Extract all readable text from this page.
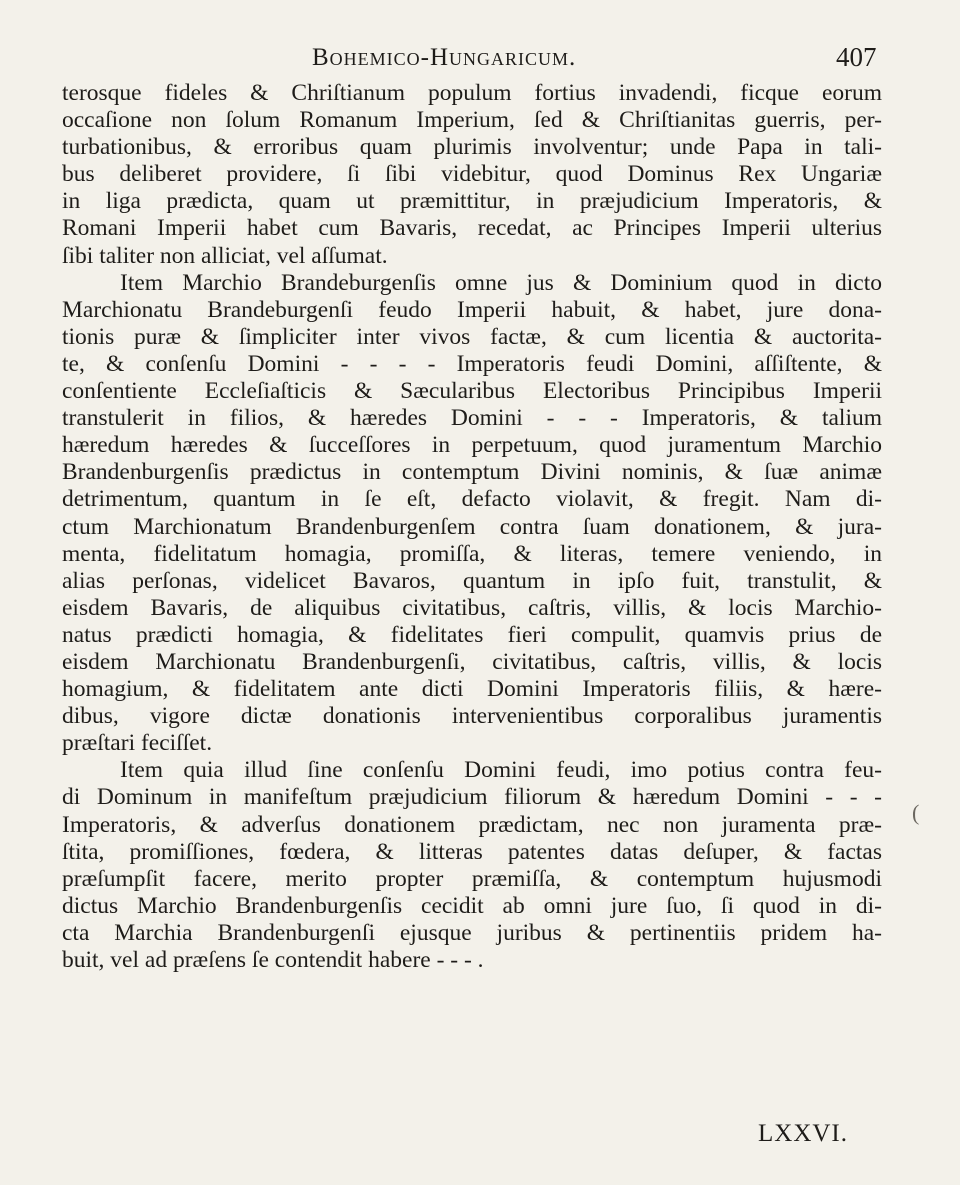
Bohemico-Hungaricum.	407
terosque fideles & Chriſtianum populum fortius invadendi, ficque eorum
occaſione non ſolum Romanum Imperium, ſed & Chriſtianitas guerris, per-
turbationibus, & erroribus quam plurimis involventur; unde Papa in tali-
bus deliberet providere, ſi ſibi videbitur, quod Dominus Rex Ungariæ
in liga prædicta, quam ut præmittitur, in præjudicium Imperatoris, &
Romani Imperii habet cum Bavaris, recedat, ac Principes Imperii ulterius
ſibi taliter non alliciat, vel aſſumat.
Item Marchio Brandeburgenſis omne jus & Dominium quod in dicto
Marchionatu Brandeburgenſi feudo Imperii habuit, & habet, jure dona-
tionis puræ & ſimpliciter inter vivos factæ, & cum licentia & auctorita-
te, & conſenſu Domini - - - - Imperatoris feudi Domini, aſſiſtente, &
conſentiente Eccleſiaſticis & Sæcularibus Electoribus Principibus Imperii
transtulerit in filios, & hæredes Domini - - - Imperatoris, & talium
hæredum hæredes & ſucceſſores in perpetuum, quod juramentum Marchio
Brandenburgenſis prædictus in contemptum Divini nominis, & ſuæ animæ
detrimentum, quantum in ſe eſt, defacto violavit, & fregit. Nam di-
ctum Marchionatum Brandenburgenſem contra ſuam donationem, & jura-
menta, fidelitatum homagia, promiſſa, & literas, temere veniendo, in
alias perſonas, videlicet Bavaros, quantum in ipſo fuit, transtulit, &
eisdem Bavaris, de aliquibus civitatibus, caſtris, villis, & locis Marchio-
natus prædicti homagia, & fidelitates fieri compulit, quamvis prius de
eisdem Marchionatu Brandenburgenſi, civitatibus, caſtris, villis, & locis
homagium, & fidelitatem ante dicti Domini Imperatoris filiis, & hære-
dibus, vigore dictæ donationis intervenientibus corporalibus juramentis
præſtari feciſſet.
Item quia illud ſine conſenſu Domini feudi, imo potius contra feu-
di Dominum in manifeſtum præjudicium filiorum & hæredum Domini - - -
Imperatoris, & adverſus donationem prædictam, nec non juramenta præ-
ſtita, promiſſiones, fœdera, & litteras patentes datas deſuper, & factas
præſumpſit facere, merito propter præmiſſa, & contemptum hujusmodi
dictus Marchio Brandenburgenſis cecidit ab omni jure ſuo, ſi quod in di-
cta Marchia Brandenburgenſi ejusque juribus & pertinentiis pridem ha-
buit, vel ad præſens ſe contendit habere - - - .
(
LXXVI.
